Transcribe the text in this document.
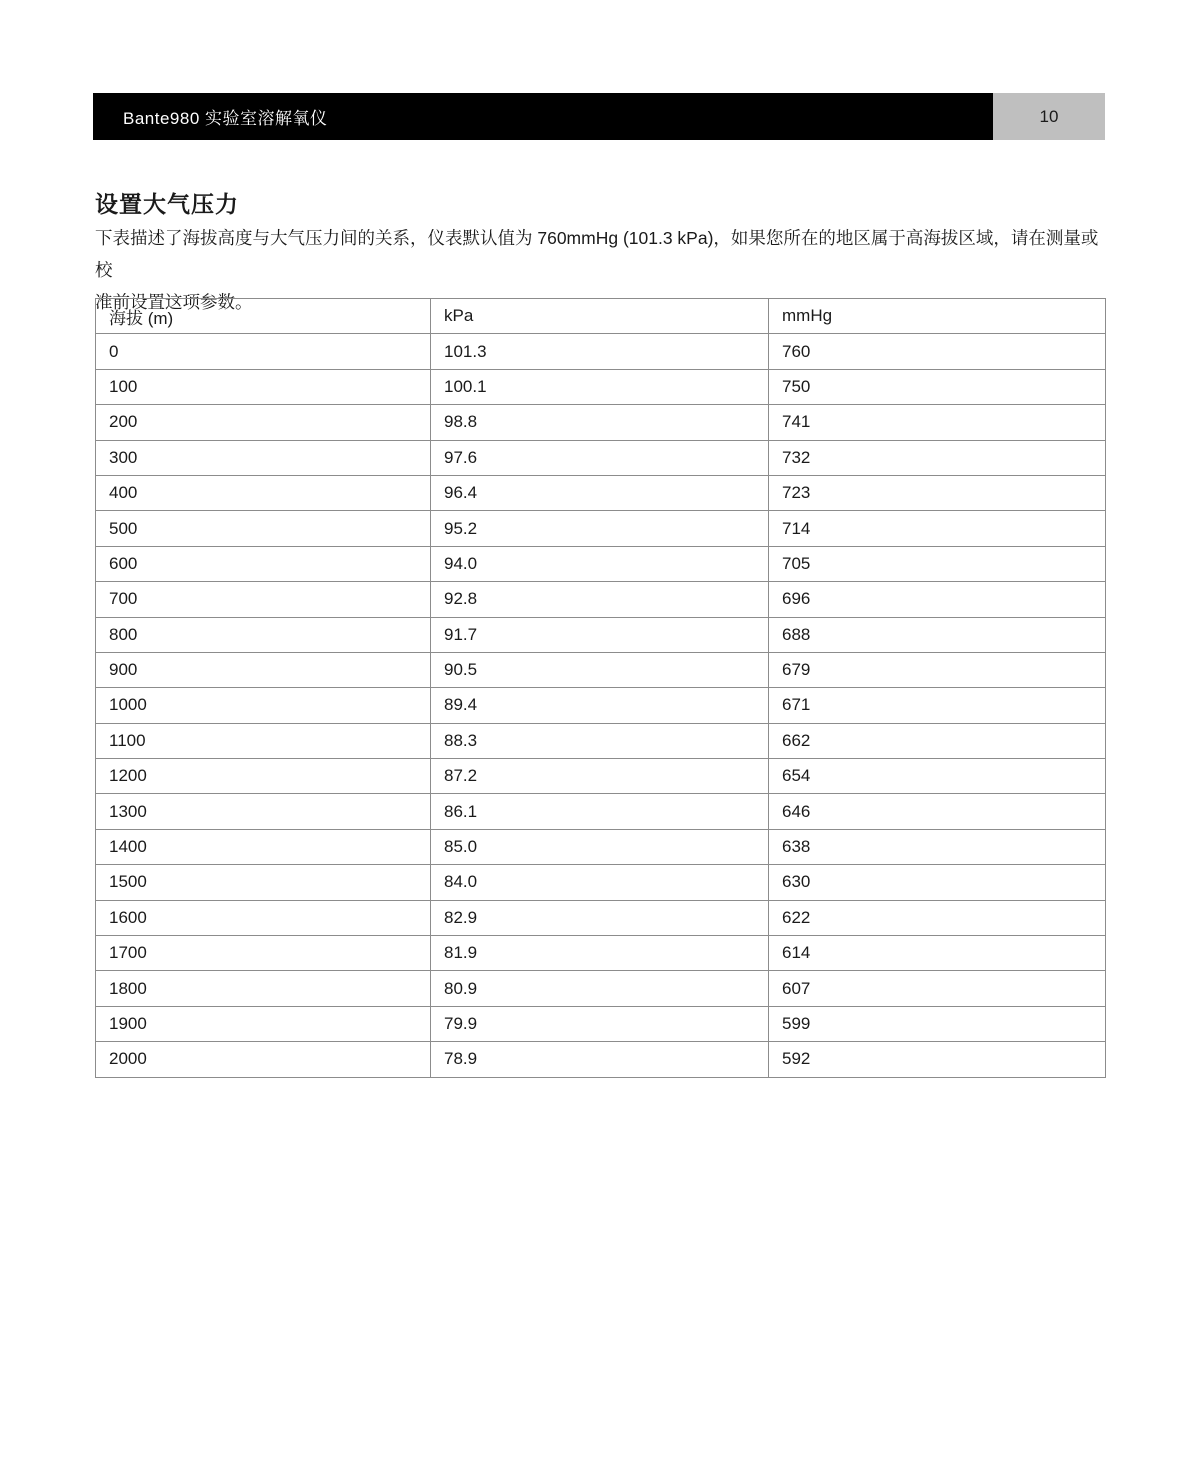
Bante980 实验室溶解氧仪	10
设置大气压力
下表描述了海拔高度与大气压力间的关系，仪表默认值为 760mmHg (101.3 kPa)，如果您所在的地区属于高海拔区域，请在测量或校
准前设置这项参数。
海拔 (m)	kPa	mmHg
0	101.3	760
100	100.1	750
200	98.8	741
300	97.6	732
400	96.4	723
500	95.2	714
600	94.0	705
700	92.8	696
800	91.7	688
900	90.5	679
1000	89.4	671
1100	88.3	662
1200	87.2	654
1300	86.1	646
1400	85.0	638
1500	84.0	630
1600	82.9	622
1700	81.9	614
1800	80.9	607
1900	79.9	599
2000	78.9	592
